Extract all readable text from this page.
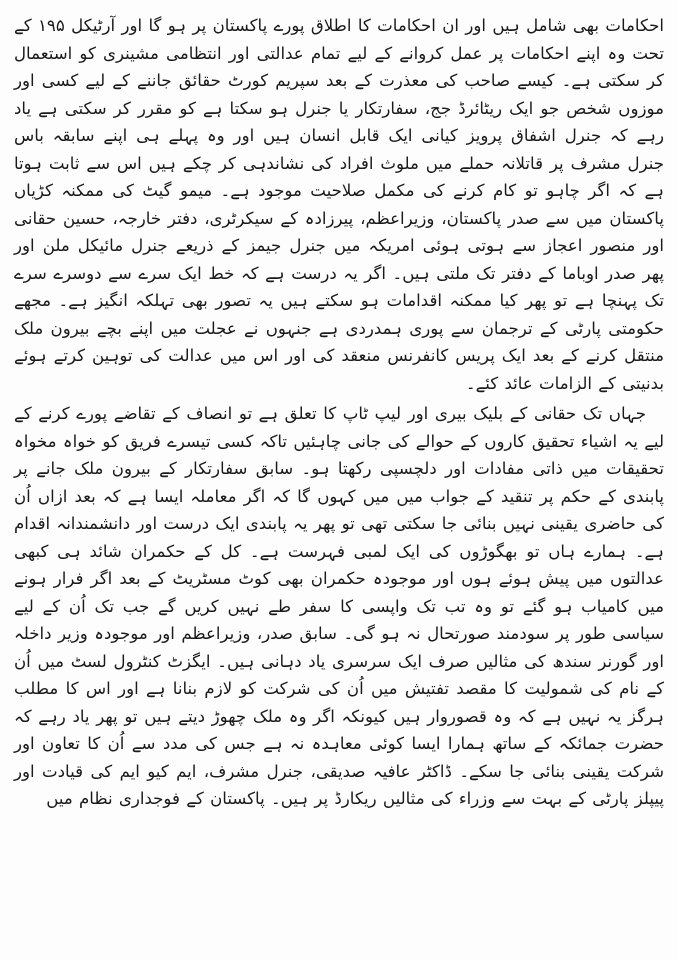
احکامات بھی شامل ہیں اور ان احکامات کا اطلاق پورے پاکستان پر ہو گا اور آرٹیکل ۱۹۵ کے تحت وہ اپنے احکامات پر عمل کروانے کے لیے تمام عدالتی اور انتظامی مشینری کو استعمال کر سکتی ہے۔ کیسے صاحب کی معذرت کے بعد سپریم کورٹ حقائق جاننے کے لیے کسی اور موزوں شخص جو ایک ریٹائرڈ جج، سفارتکار یا جنرل ہو سکتا ہے کو مقرر کر سکتی ہے یاد رہے کہ جنرل اشفاق پرویز کیانی ایک قابل انسان ہیں اور وہ پہلے ہی اپنے سابقہ باس جنرل مشرف پر قاتلانہ حملے میں ملوث افراد کی نشاندہی کر چکے ہیں اس سے ثابت ہوتا ہے کہ اگر چاہو تو کام کرنے کی مکمل صلاحیت موجود ہے۔ میمو گیٹ کی ممکنہ کڑیاں پاکستان میں سے صدر پاکستان، وزیراعظم، پیرزادہ کے سیکرٹری، دفتر خارجہ، حسین حقانی اور منصور اعجاز سے ہوتی ہوئی امریکہ میں جنرل جیمز کے ذریعے جنرل مائیکل ملن اور پھر صدر اوباما کے دفتر تک ملتی ہیں۔ اگر یہ درست ہے کہ خط ایک سرے سے دوسرے سرے تک پہنچا ہے تو پھر کیا ممکنہ اقدامات ہو سکتے ہیں یہ تصور بھی تہلکہ انگیز ہے۔ مجھے حکومتی پارٹی کے ترجمان سے پوری ہمدردی ہے جنہوں نے عجلت میں اپنے بچے بیرون ملک منتقل کرنے کے بعد ایک پریس کانفرنس منعقد کی اور اس میں عدالت کی توہین کرتے ہوئے بدنیتی کے الزامات عائد کئے۔

جہاں تک حقانی کے بلیک بیری اور لیپ ٹاپ کا تعلق ہے تو انصاف کے تقاضے پورے کرنے کے لیے یہ اشیاء تحقیق کاروں کے حوالے کی جانی چاہئیں تاکہ کسی تیسرے فریق کو خواہ مخواہ تحقیقات میں ذاتی مفادات اور دلچسپی رکھتا ہو۔ سابق سفارتکار کے بیرون ملک جانے پر پابندی کے حکم پر تنقید کے جواب میں میں کہوں گا کہ اگر معاملہ ایسا ہے کہ بعد ازاں اُن کی حاضری یقینی نہیں بنائی جا سکتی تھی تو پھر یہ پابندی ایک درست اور دانشمندانہ اقدام ہے۔ ہمارے ہاں تو بھگوڑوں کی ایک لمبی فہرست ہے۔ کل کے حکمران شائد ہی کبھی عدالتوں میں پیش ہوئے ہوں اور موجودہ حکمران بھی کوٹ مسٹریٹ کے بعد اگر فرار ہونے میں کامیاب ہو گئے تو وہ تب تک واپسی کا سفر طے نہیں کریں گے جب تک اُن کے لیے سیاسی طور پر سودمند صورتحال نہ ہو گی۔ سابق صدر، وزیراعظم اور موجودہ وزیر داخلہ اور گورنر سندھ کی مثالیں صرف ایک سرسری یاد دہانی ہیں۔ ایگزٹ کنٹرول لسٹ میں اُن کے نام کی شمولیت کا مقصد تفتیش میں اُن کی شرکت کو لازم بنانا ہے اور اس کا مطلب ہرگز یہ نہیں ہے کہ وہ قصوروار ہیں کیونکہ اگر وہ ملک چھوڑ دیتے ہیں تو پھر یاد رہے کہ حضرت جمائکہ کے ساتھ ہمارا ایسا کوئی معاہدہ نہ ہے جس کی مدد سے اُن کا تعاون اور شرکت یقینی بنائی جا سکے۔ ڈاکٹر عافیہ صدیقی، جنرل مشرف، ایم کیو ایم کی قیادت اور پیپلز پارٹی کے بہت سے وزراء کی مثالیں ریکارڈ پر ہیں۔ پاکستان کے فوجداری نظام میں
